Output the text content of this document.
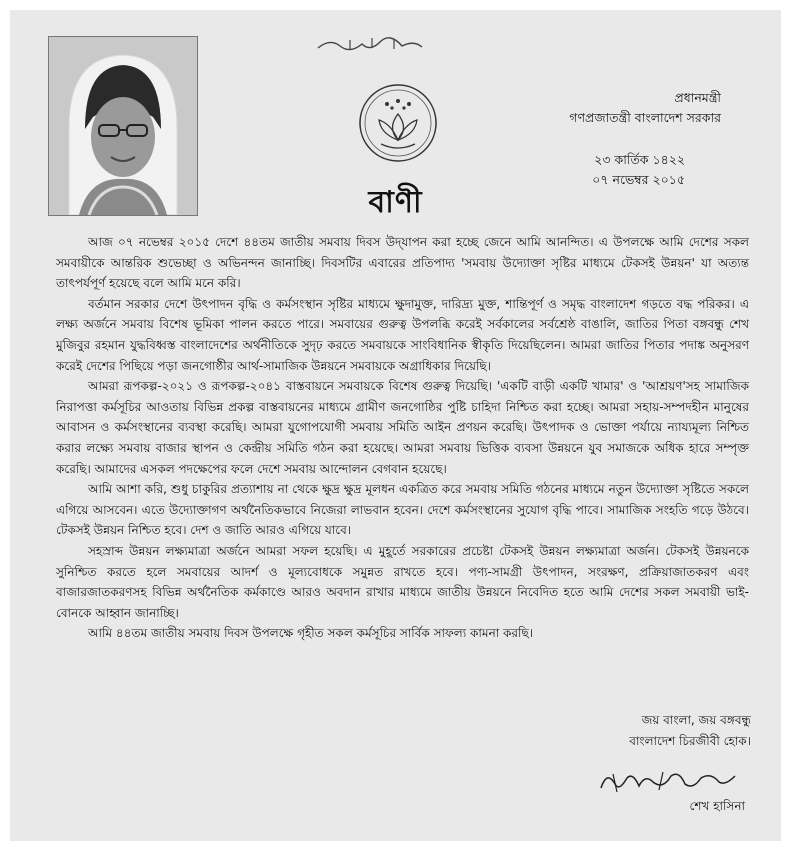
প্রধানমন্ত্রী
গণপ্রজাতন্ত্রী বাংলাদেশ সরকার
২৩ কার্তিক ১৪২২
০৭ নভেম্বর ২০১৫
বাণী

আজ ০৭ নভেম্বর ২০১৫ দেশে ৪৪তম জাতীয় সমবায় দিবস উদ্‌যাপন করা হচ্ছে জেনে আমি আনন্দিত। এ উপলক্ষে আমি দেশের সকল সমবায়ীকে আন্তরিক শুভেচ্ছা ও অভিনন্দন জানাচ্ছি। দিবসটির এবারের প্রতিপাদ্য 'সমবায় উদ্যোক্তা সৃষ্টির মাধ্যমে টেকসই উন্নয়ন' যা অত্যন্ত তাৎপর্যপূর্ণ হয়েছে বলে আমি মনে করি।

বর্তমান সরকার দেশে উৎপাদন বৃদ্ধি ও কর্মসংস্থান সৃষ্টির মাধ্যমে ক্ষুদামুক্ত, দারিদ্র্য মুক্ত, শান্তিপূর্ণ ও সমৃদ্ধ বাংলাদেশ গড়তে বদ্ধ পরিকর। এ লক্ষ্য অর্জনে সমবায় বিশেষ ভূমিকা পালন করতে পারে। সমবায়ের গুরুত্ব উপলব্ধি করেই সর্বকালের সর্বশ্রেষ্ঠ বাঙালি, জাতির পিতা বঙ্গবন্ধু শেখ মুজিবুর রহমান যুদ্ধবিধ্বস্ত বাংলাদেশের অর্থনীতিকে সুদৃঢ় করতে সমবায়কে সাংবিধানিক স্বীকৃতি দিয়েছিলেন। আমরা জাতির পিতার পদাঙ্ক অনুসরণ করেই দেশের পিছিয়ে পড়া জনগোষ্ঠীর আর্থ-সামাজিক উন্নয়নে সমবায়কে অগ্রাধিকার দিয়েছি।

আমরা রূপকল্প-২০২১ ও রূপকল্প-২০৪১ বাস্তবায়নে সমবায়কে বিশেষ গুরুত্ব দিয়েছি। 'একটি বাড়ী একটি খামার' ও 'আশ্রয়ণ'সহ সামাজিক নিরাপত্তা কর্মসূচির আওতায় বিভিন্ন প্রকল্প বাস্তবায়নের মাধ্যমে গ্রামীণ জনগোষ্ঠির পুষ্টি চাহিদা নিশ্চিত করা হচ্ছে। আমরা সহায়-সম্পদহীন মানুষের আবাসন ও কর্মসংস্থানের ব্যবস্থা করেছি। আমরা যুগোপযোগী সমবায় সমিতি আইন প্রণয়ন করেছি। উৎপাদক ও ভোক্তা পর্যায়ে ন্যায্যমূল্য নিশ্চিত করার লক্ষ্যে সমবায় বাজার স্থাপন ও কেন্দ্রীয় সমিতি গঠন করা হয়েছে। আমরা সমবায় ভিত্তিক ব্যবসা উন্নয়নে যুব সমাজকে অধিক হারে সম্পৃক্ত করেছি। আমাদের এসকল পদক্ষেপের ফলে দেশে সমবায় আন্দোলন বেগবান হয়েছে।

আমি আশা করি, শুধু চাকুরির প্রত্যাশায় না থেকে ক্ষুদ্র ক্ষুদ্র মূলধন একত্রিত করে সমবায় সমিতি গঠনের মাধ্যমে নতুন উদ্যোক্তা সৃষ্টিতে সকলে এগিয়ে আসবেন। এতে উদ্যোক্তাগণ অর্থনৈতিকভাবে নিজেরা লাভবান হবেন। দেশে কর্মসংস্থানের সুযোগ বৃদ্ধি পাবে। সামাজিক সংহতি গড়ে উঠবে। টেকসই উন্নয়ন নিশ্চিত হবে। দেশ ও জাতি আরও এগিয়ে যাবে।

সহস্রাব্দ উন্নয়ন লক্ষ্যমাত্রা অর্জনে আমরা সফল হয়েছি। এ মুহূর্তে সরকারের প্রচেষ্টা টেকসই উন্নয়ন লক্ষ্যমাত্রা অর্জন। টেকসই উন্নয়নকে সুনিশ্চিত করতে হলে সমবায়ের আদর্শ ও মূল্যবোধকে সমুন্নত রাখতে হবে। পণ্য-সামগ্রী উৎপাদন, সংরক্ষণ, প্রক্রিয়াজাতকরণ এবং বাজারজাতকরণসহ বিভিন্ন অর্থনৈতিক কর্মকাণ্ডে আরও অবদান রাখার মাধ্যমে জাতীয় উন্নয়নে নিবেদিত হতে আমি দেশের সকল সমবায়ী ভাই-বোনকে আহ্বান জানাচ্ছি।

আমি ৪৪তম জাতীয় সমবায় দিবস উপলক্ষে গৃহীত সকল কর্মসূচির সার্বিক সাফল্য কামনা করছি।

জয় বাংলা, জয় বঙ্গবন্ধু
বাংলাদেশ চিরজীবী হোক।
শেখ হাসিনা
